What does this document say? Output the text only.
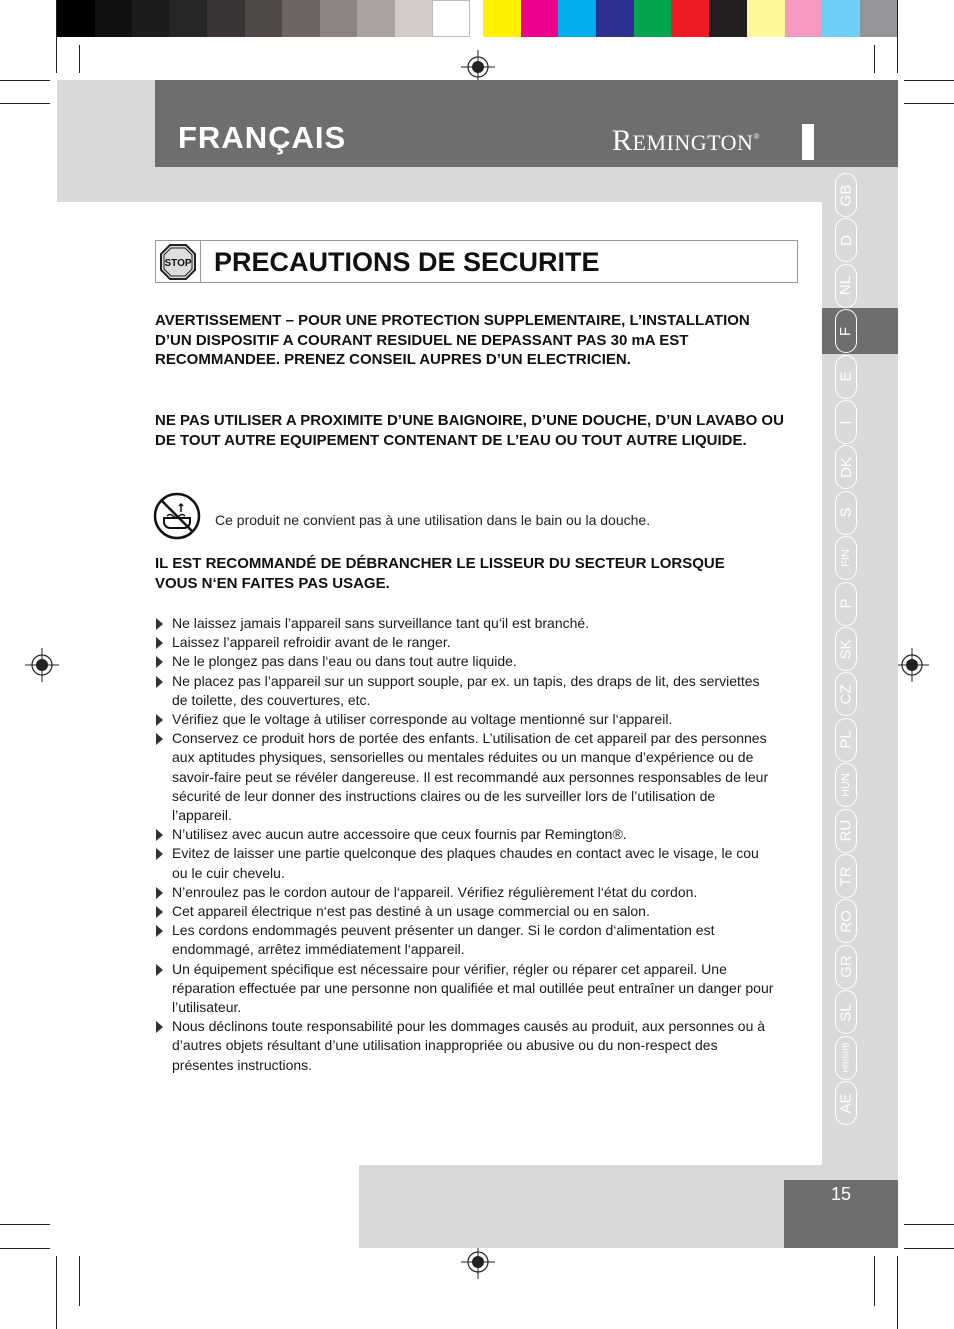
FRANÇAIS	REMINGTON®
GB
D
NL
F
E
I
DK
S
FIN
P
SK
CZ
PL
HUN
RU
TR
RO
GR
SL
HR/SRB
AE
STOP PRECAUTIONS DE SECURITE
AVERTISSEMENT – POUR UNE PROTECTION SUPPLEMENTAIRE, L’INSTALLATION D’UN DISPOSITIF A COURANT RESIDUEL NE DEPASSANT PAS 30 mA EST RECOMMANDEE. PRENEZ CONSEIL AUPRES D’UN ELECTRICIEN.
NE PAS UTILISER A PROXIMITE D’UNE BAIGNOIRE, D’UNE DOUCHE, D’UN LAVABO OU DE TOUT AUTRE EQUIPEMENT CONTENANT DE L’EAU OU TOUT AUTRE LIQUIDE.
Ce produit ne convient pas à une utilisation dans le bain ou la douche.
IL EST RECOMMANDÉ DE DÉBRANCHER LE LISSEUR DU SECTEUR LORSQUE VOUS N‘EN FAITES PAS USAGE.
Ne laissez jamais l’appareil sans surveillance tant qu‘il est branché.
Laissez l’appareil refroidir avant de le ranger.
Ne le plongez pas dans l‘eau ou dans tout autre liquide.
Ne placez pas l’appareil sur un support souple, par ex. un tapis, des draps de lit, des serviettes de toilette, des couvertures, etc.
Vérifiez que le voltage à utiliser corresponde au voltage mentionné sur l‘appareil.
Conservez ce produit hors de portée des enfants. L’utilisation de cet appareil par des personnes aux aptitudes physiques, sensorielles ou mentales réduites ou un manque d’expérience ou de savoir-faire peut se révéler dangereuse. Il est recommandé aux personnes responsables de leur sécurité de leur donner des instructions claires ou de les surveiller lors de l’utilisation de l’appareil.
N’utilisez avec aucun autre accessoire que ceux fournis par Remington®.
Evitez de laisser une partie quelconque des plaques chaudes en contact avec le visage, le cou ou le cuir chevelu.
N’enroulez pas le cordon autour de l‘appareil. Vérifiez régulièrement l‘état du cordon.
Cet appareil électrique n‘est pas destiné à un usage commercial ou en salon.
Les cordons endommagés peuvent présenter un danger. Si le cordon d‘alimentation est endommagé, arrêtez immédiatement l‘appareil.
Un équipement spécifique est nécessaire pour vérifier, régler ou réparer cet appareil. Une réparation effectuée par une personne non qualifiée et mal outillée peut entraîner un danger pour l’utilisateur.
Nous déclinons toute responsabilité pour les dommages causés au produit, aux personnes ou à d’autres objets résultant d’une utilisation inappropriée ou abusive ou du non-respect des présentes instructions.
15
